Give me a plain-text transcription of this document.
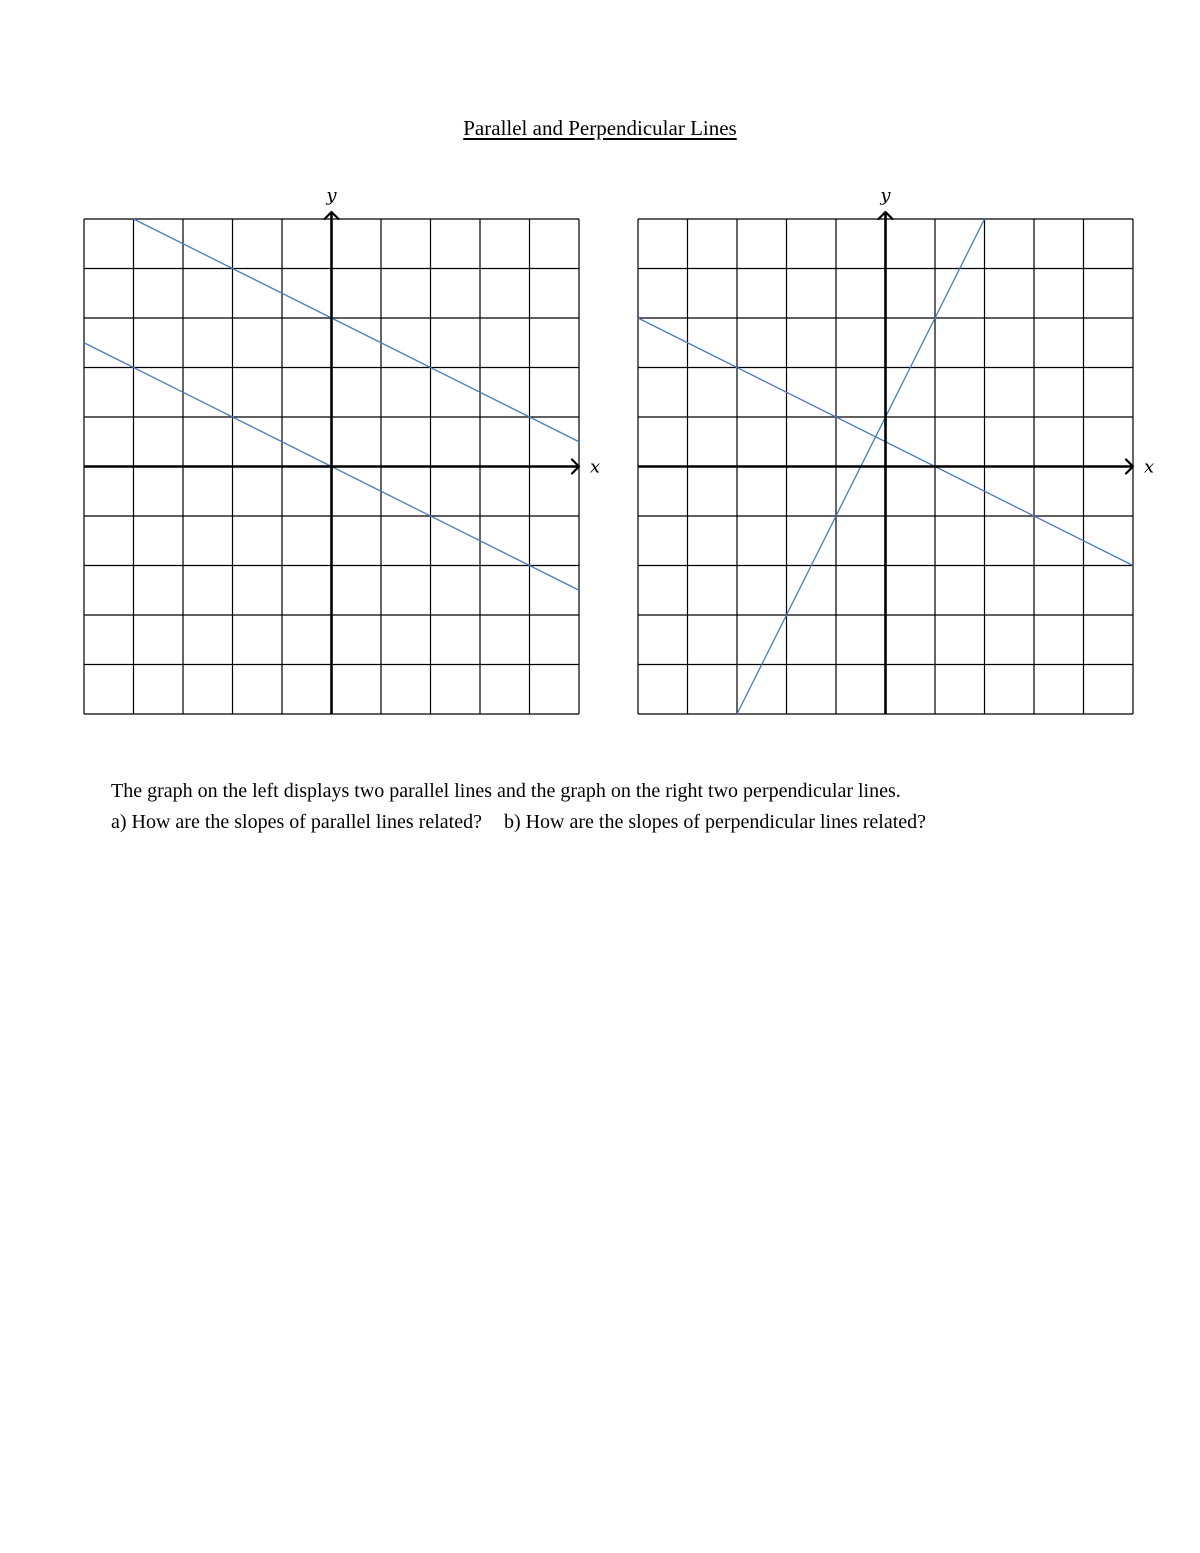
Parallel and Perpendicular Lines
x
y
x
y

The graph on the left displays two parallel lines and the graph on the right two perpendicular lines.

a) How are the slopes of parallel lines related? b) How are the slopes of perpendicular lines related?
